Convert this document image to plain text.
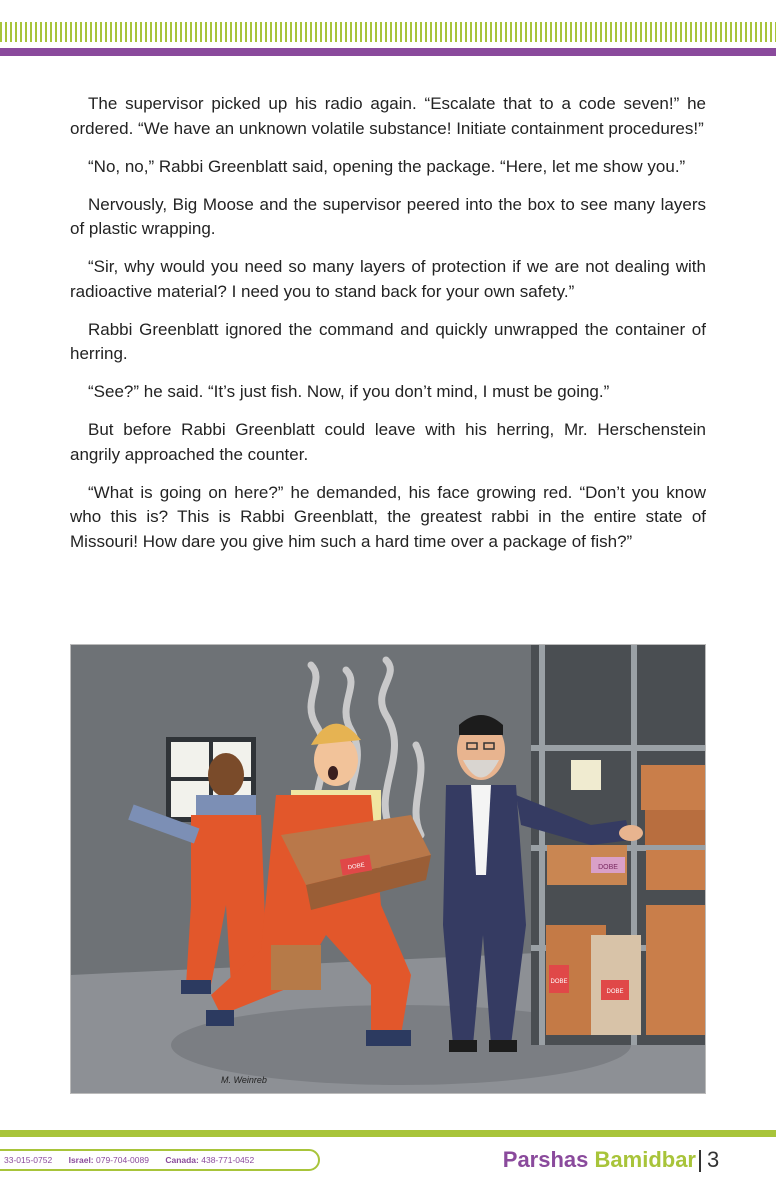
The supervisor picked up his radio again. “Escalate that to a code seven!” he ordered. “We have an unknown volatile substance! Initiate containment procedures!”

“No, no,” Rabbi Greenblatt said, opening the package. “Here, let me show you.”

Nervously, Big Moose and the supervisor peered into the box to see many layers of plastic wrapping.

“Sir, why would you need so many layers of protection if we are not dealing with radioactive material? I need you to stand back for your own safety.”

Rabbi Greenblatt ignored the command and quickly unwrapped the container of herring.

“See?” he said. “It’s just fish. Now, if you don’t mind, I must be going.”

But before Rabbi Greenblatt could leave with his herring, Mr. Herschenstein angrily approached the counter.

“What is going on here?” he demanded, his face growing red. “Don’t you know who this is? This is Rabbi Greenblatt, the greatest rabbi in the entire state of Missouri! How dare you give him such a hard time over a package of fish?”

DOBE
DOBE
DOBE
DOBE
M. Weinreb
33-015-0752 Israel: 079-704-0089 Canada: 438-771-0452	Parshas Bamidbar 3
